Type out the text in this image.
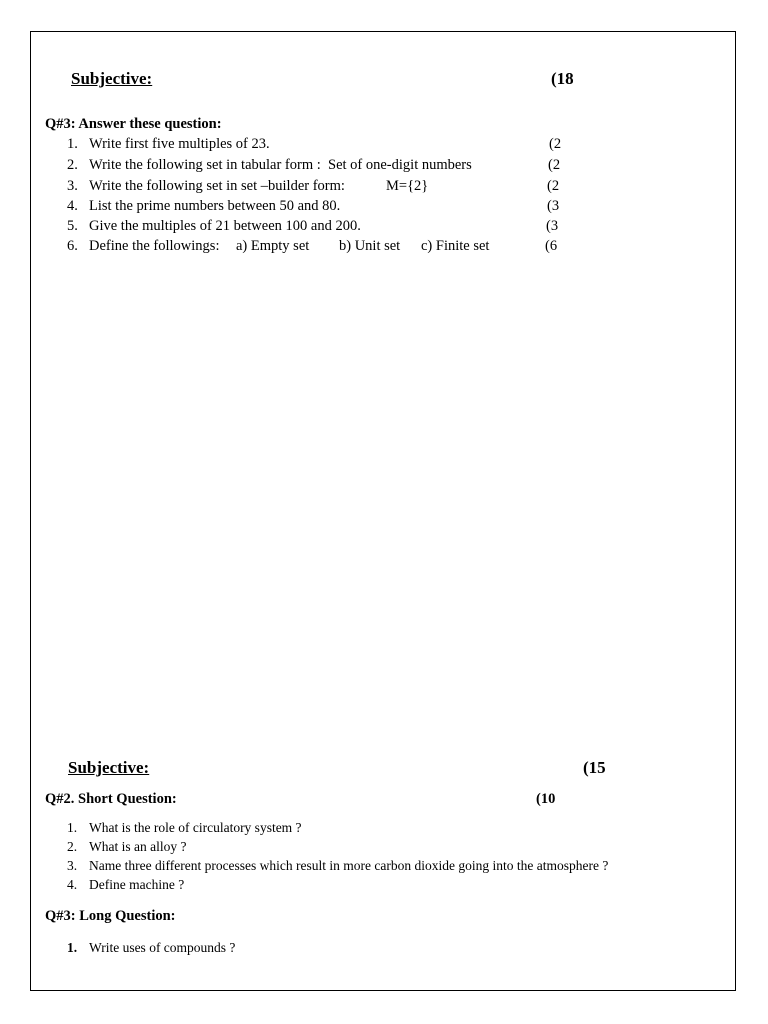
Subjective:	(18
Q#3: Answer these question:
1. Write first five multiples of 23.	(2
2. Write the following set in tabular form :  Set of one-digit numbers	(2
3. Write the following set in set –builder form:	M={2}	(2
4. List the prime numbers between 50 and 80.	(3
5. Give the multiples of 21 between 100 and 200.	(3
6. Define the followings: a) Empty set b) Unit set c) Finite set	(6
Subjective:	(15
Q#2. Short Question:	(10
1. What is the role of circulatory system ?
2. What is an alloy ?
3. Name three different processes which result in more carbon dioxide going into the atmosphere ?
4. Define machine ?
Q#3: Long Question:
1. Write uses of compounds ?
